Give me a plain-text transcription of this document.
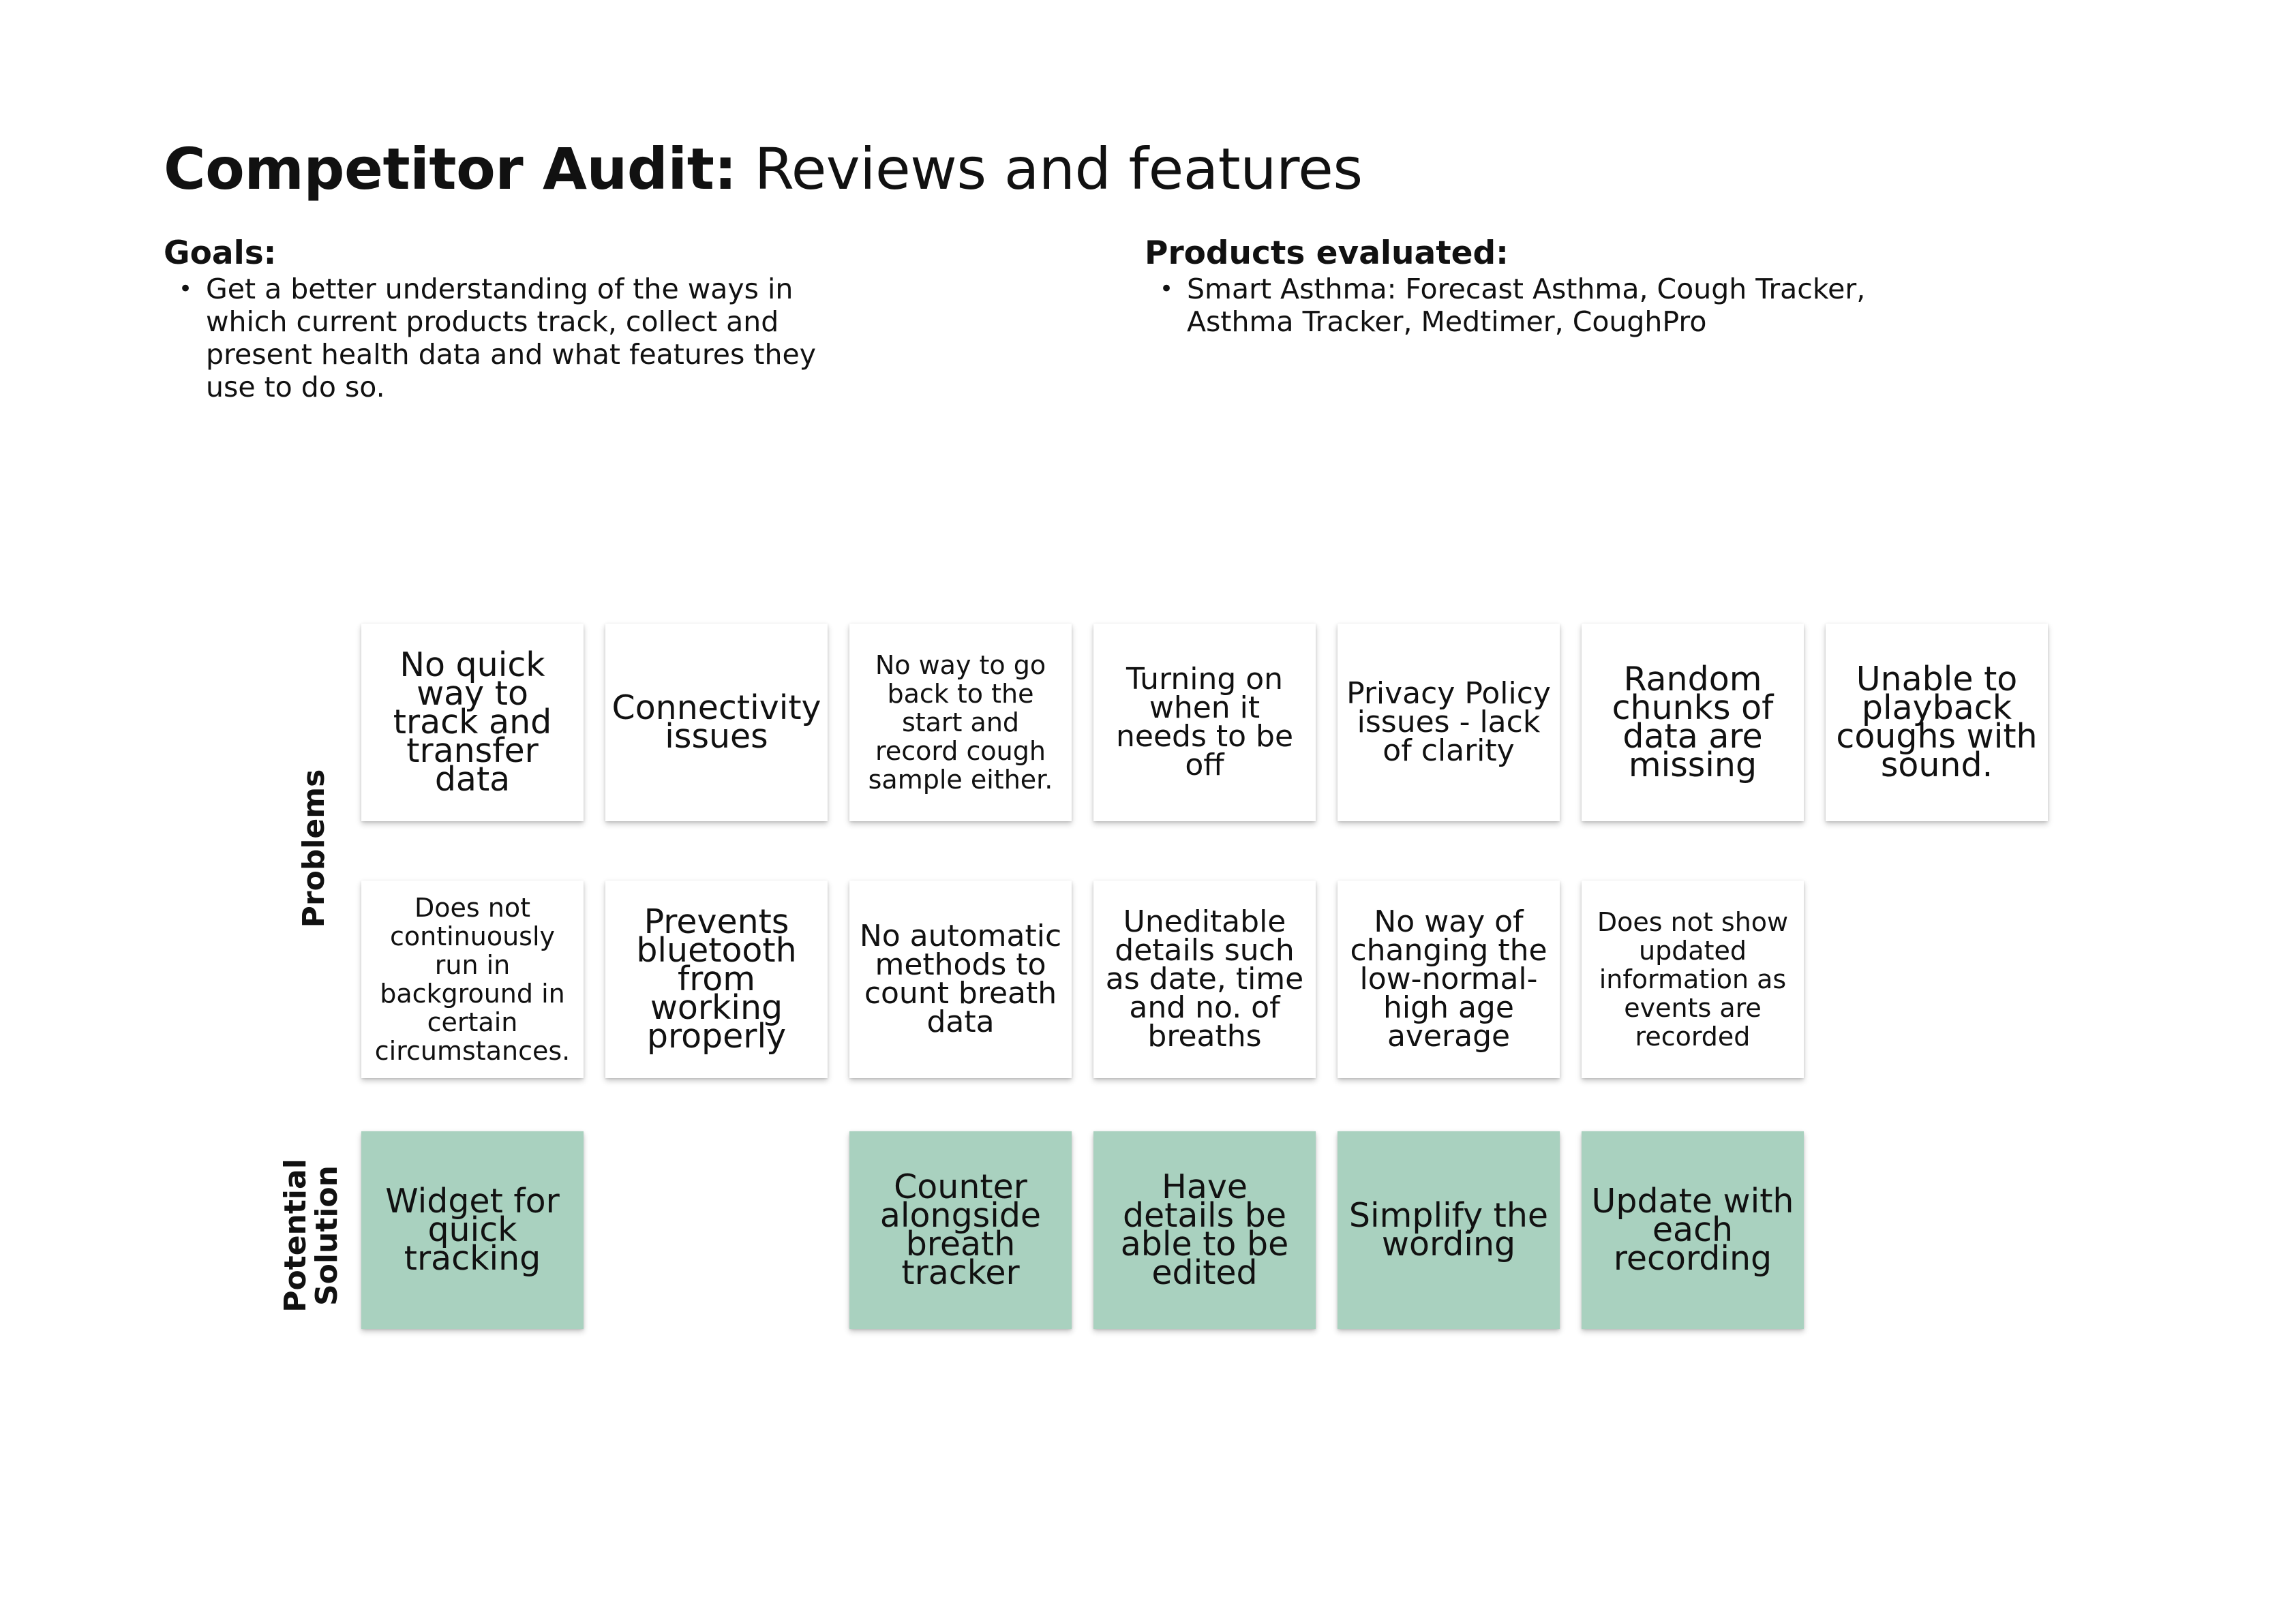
Competitor Audit: Reviews and features
Goals:
• Get a better understanding of the ways in which current products track, collect and present health data and what features they use to do so.
Products evaluated:
• Smart Asthma: Forecast Asthma, Cough Tracker, Asthma Tracker, Medtimer, CoughPro
Problems
Potential
Solution
No quick way to track and transfer data
Connectivity issues
No way to go back to the start and record cough sample either.
Turning on when it needs to be off
Privacy Policy issues - lack of clarity
Random chunks of data are missing
Unable to playback coughs with sound.
Does not continuously run in background in certain circumstances.
Prevents bluetooth from working properly
No automatic methods to count breath data
Uneditable details such as date, time and no. of breaths
No way of changing the low-normal-high age average
Does not show updated information as events are recorded
Widget for quick tracking
Counter alongside breath tracker
Have details be able to be edited
Simplify the wording
Update with each recording
